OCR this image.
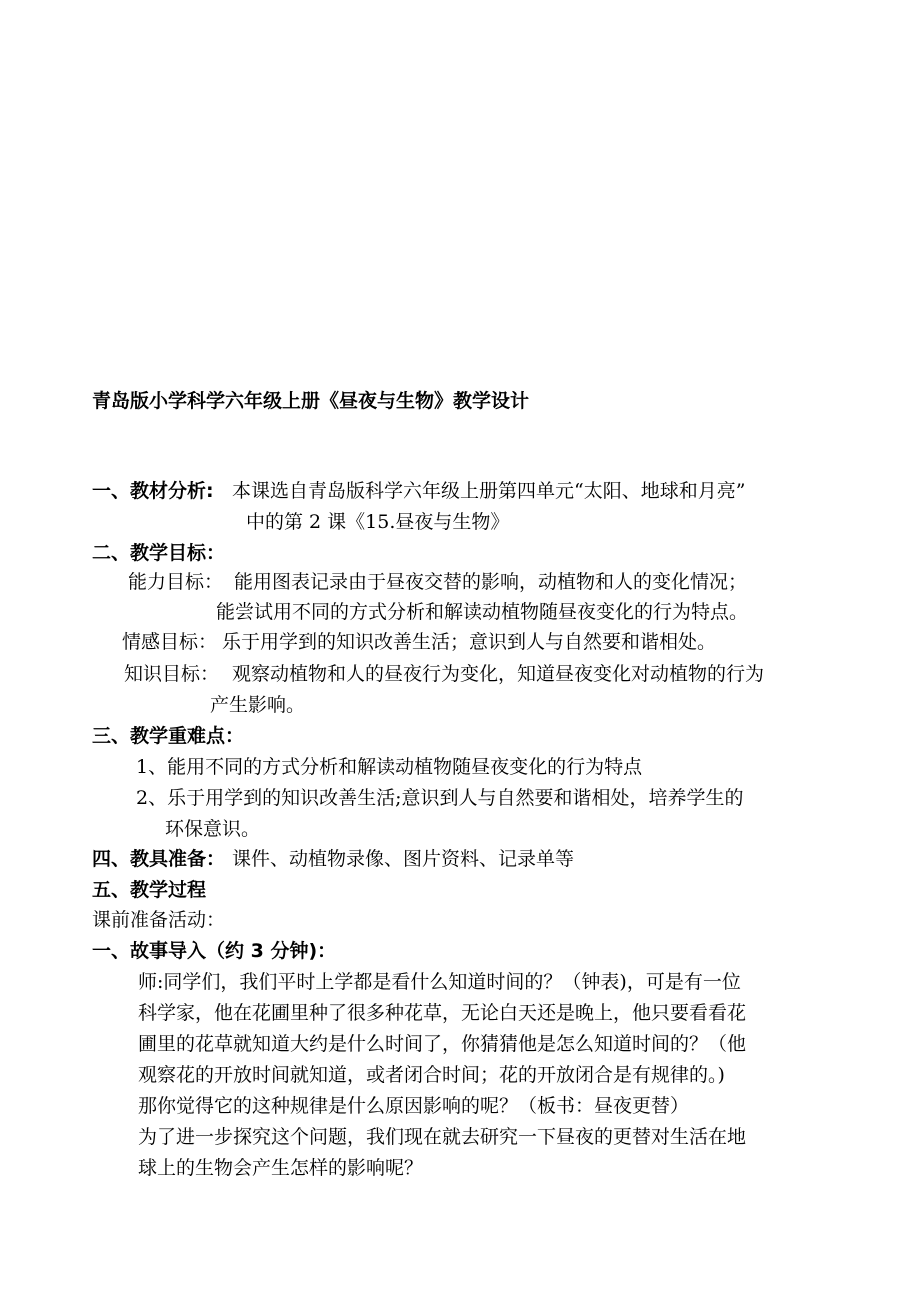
青岛版小学科学六年级上册《昼夜与生物》教学设计
一、教材分析: 本课选自青岛版科学六年级上册第四单元“太阳、地球和月亮”
中的第 2 课《15.昼夜与生物》
二、教学目标：
能力目标： 能用图表记录由于昼夜交替的影响，动植物和人的变化情况；
能尝试用不同的方式分析和解读动植物随昼夜变化的行为特点。
情感目标： 乐于用学到的知识改善生活；意识到人与自然要和谐相处。
知识目标： 观察动植物和人的昼夜行为变化，知道昼夜变化对动植物的行为
产生影响。
三、教学重难点：
1、能用不同的方式分析和解读动植物随昼夜变化的行为特点
2、乐于用学到的知识改善生活;意识到人与自然要和谐相处，培养学生的
环保意识。
四、教具准备： 课件、动植物录像、图片资料、记录单等
五、教学过程
课前准备活动：
一、故事导入（约 3 分钟)：
师:同学们，我们平时上学都是看什么知道时间的？（钟表)，可是有一位
科学家，他在花圃里种了很多种花草，无论白天还是晚上，他只要看看花
圃里的花草就知道大约是什么时间了，你猜猜他是怎么知道时间的？（他
观察花的开放时间就知道，或者闭合时间；花的开放闭合是有规律的。)
那你觉得它的这种规律是什么原因影响的呢？（板书：昼夜更替）
为了进一步探究这个问题，我们现在就去研究一下昼夜的更替对生活在地
球上的生物会产生怎样的影响呢？
